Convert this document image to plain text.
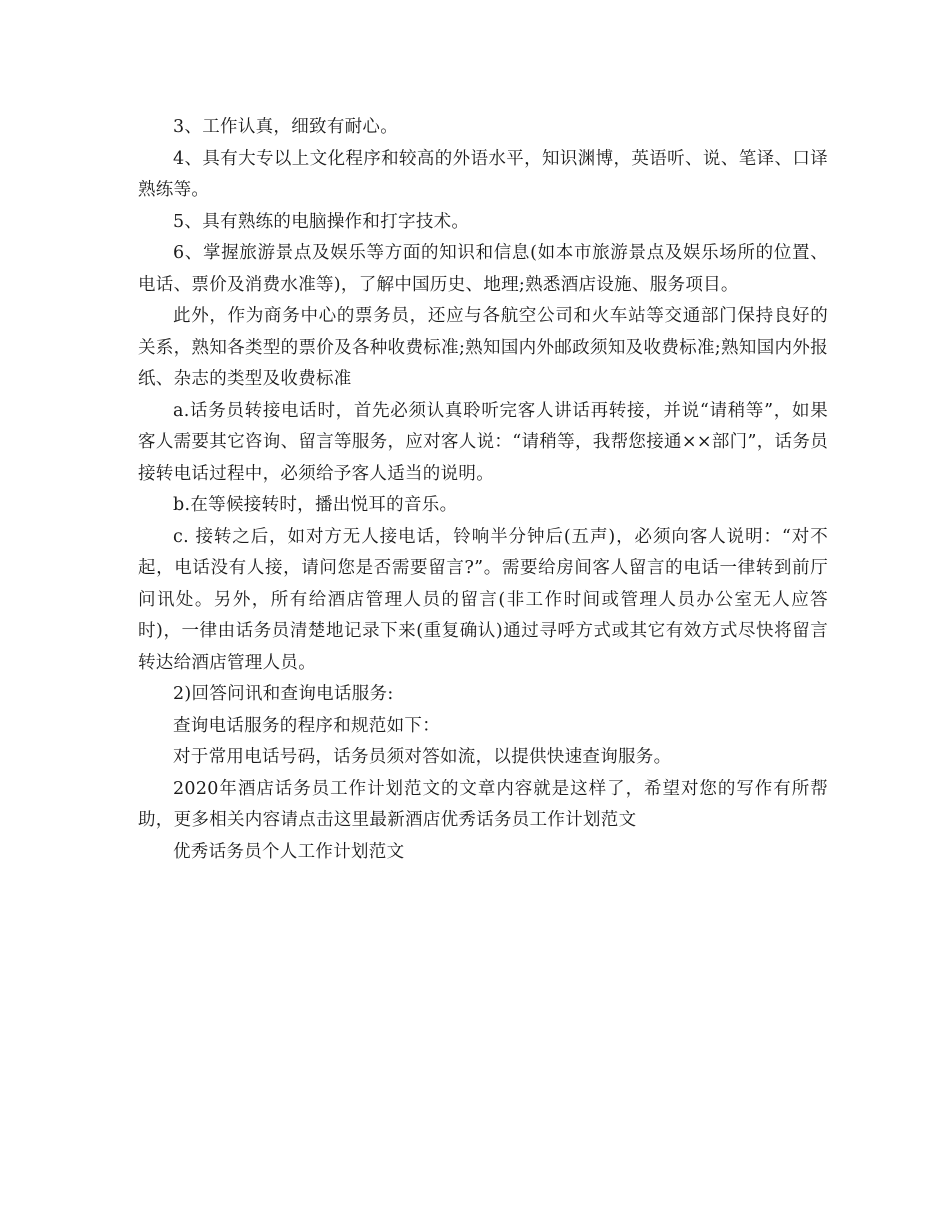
3、工作认真，细致有耐心。

4、具有大专以上文化程序和较高的外语水平，知识渊博，英语听、说、笔译、口译熟练等。

5、具有熟练的电脑操作和打字技术。

6、掌握旅游景点及娱乐等方面的知识和信息(如本市旅游景点及娱乐场所的位置、电话、票价及消费水准等)，了解中国历史、地理;熟悉酒店设施、服务项目。

此外，作为商务中心的票务员，还应与各航空公司和火车站等交通部门保持良好的关系，熟知各类型的票价及各种收费标准;熟知国内外邮政须知及收费标准;熟知国内外报纸、杂志的类型及收费标准

a.话务员转接电话时，首先必须认真聆听完客人讲话再转接，并说“请稍等”，如果客人需要其它咨询、留言等服务，应对客人说：“请稍等，我帮您接通××部门”，话务员接转电话过程中，必须给予客人适当的说明。

b.在等候接转时，播出悦耳的音乐。

c. 接转之后，如对方无人接电话，铃响半分钟后(五声)，必须向客人说明：“对不起，电话没有人接，请问您是否需要留言?”。需要给房间客人留言的电话一律转到前厅问讯处。另外，所有给酒店管理人员的留言(非工作时间或管理人员办公室无人应答时)，一律由话务员清楚地记录下来(重复确认)通过寻呼方式或其它有效方式尽快将留言转达给酒店管理人员。

2)回答问讯和查询电话服务:

查询电话服务的程序和规范如下：

对于常用电话号码，话务员须对答如流，以提供快速查询服务。

2020年酒店话务员工作计划范文的文章内容就是这样了，希望对您的写作有所帮助，更多相关内容请点击这里最新酒店优秀话务员工作计划范文

优秀话务员个人工作计划范文
